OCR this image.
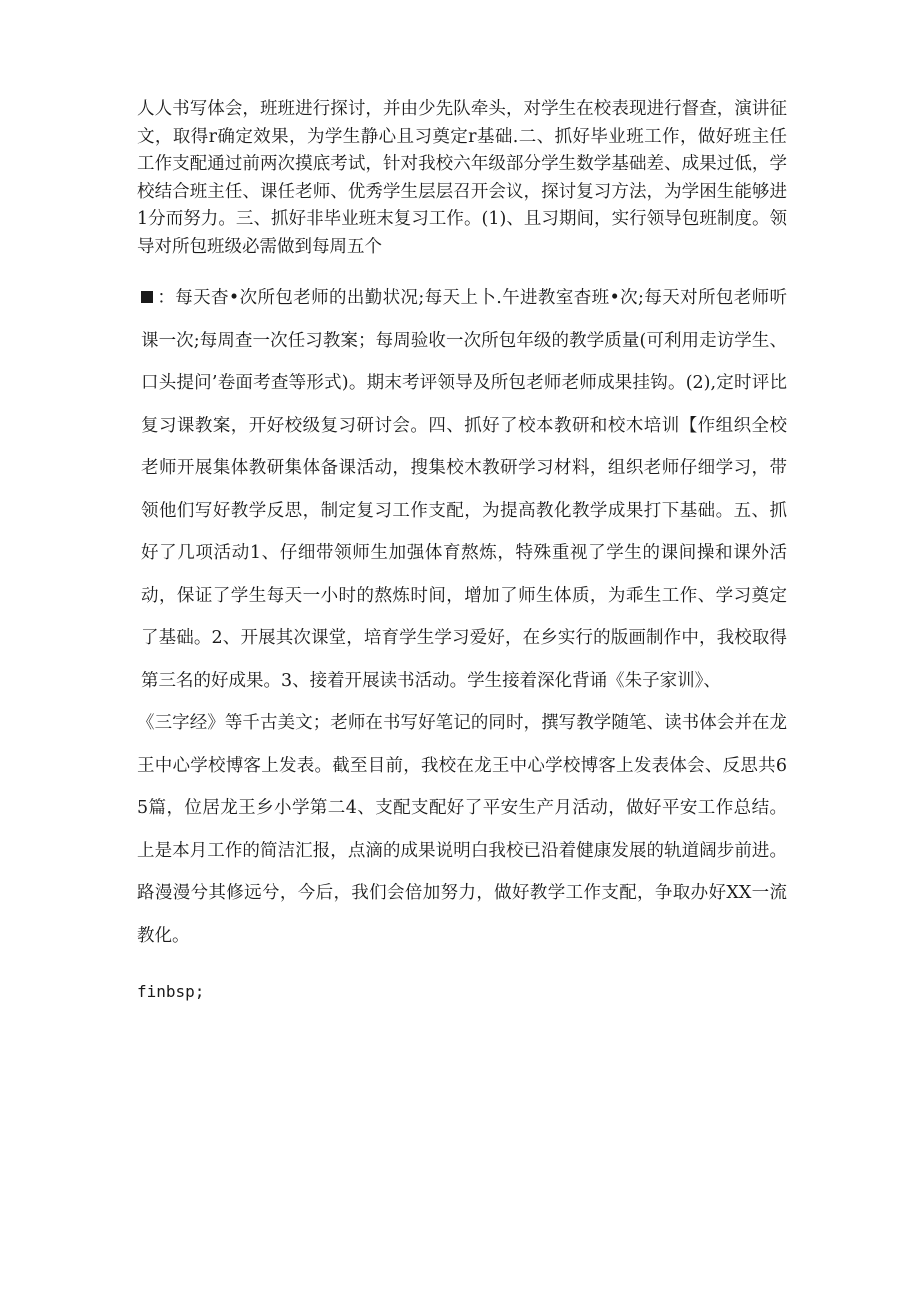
人人书写体会，班班进行探讨，并由少先队牵头，对学生在校表现进行督查，演讲征文，取得r确定效果，为学生静心且习奠定r基础.二、抓好毕业班工作，做好班主任工作支配通过前两次摸底考试，针对我校六年级部分学生数学基础差、成果过低，学校结合班主任、课任老师、优秀学生层层召开会议，探讨复习方法，为学困生能够进1分而努力。三、抓好非毕业班末复习工作。(1)、且习期间，实行领导包班制度。领导对所包班级必需做到每周五个

：每天杳•次所包老师的出勤状况;每天上卜.午进教室杳班•次;每天对所包老师听课一次;每周查一次任习教案；每周验收一次所包年级的教学质量(可利用走访学生、口头提问’卷面考查等形式)。期末考评领导及所包老师老师成果挂钩。(2),定时评比复习课教案，开好校级复习研讨会。四、抓好了校本教研和校木培训【作组织全校老师开展集体教研集体备课活动，搜集校木教研学习材料，组织老师仔细学习，带领他们写好教学反思，制定复习工作支配，为提高教化教学成果打下基础。五、抓好了几项活动1、仔细带领师生加强体育熬炼，特殊重视了学生的课间操和课外活动，保证了学生每天一小时的熬炼时间，增加了师生体质，为乖生工作、学习奠定了基础。2、开展其次课堂，培育学生学习爱好，在乡实行的版画制作中，我校取得第三名的好成果。3、接着开展读书活动。学生接着深化背诵《朱子家训》、

《三字经》等千古美文；老师在书写好笔记的同时，撰写教学随笔、读书体会并在龙王中心学校博客上发表。截至目前，我校在龙王中心学校博客上发表体会、反思共65篇，位居龙王乡小学第二4、支配支配好了平安生产月活动，做好平安工作总结。上是本月工作的简洁汇报，点滴的成果说明白我校已沿着健康发展的轨道阔步前进。路漫漫兮其修远兮，今后，我们会倍加努力，做好教学工作支配，争取办好XX一流教化。

finbsp;
